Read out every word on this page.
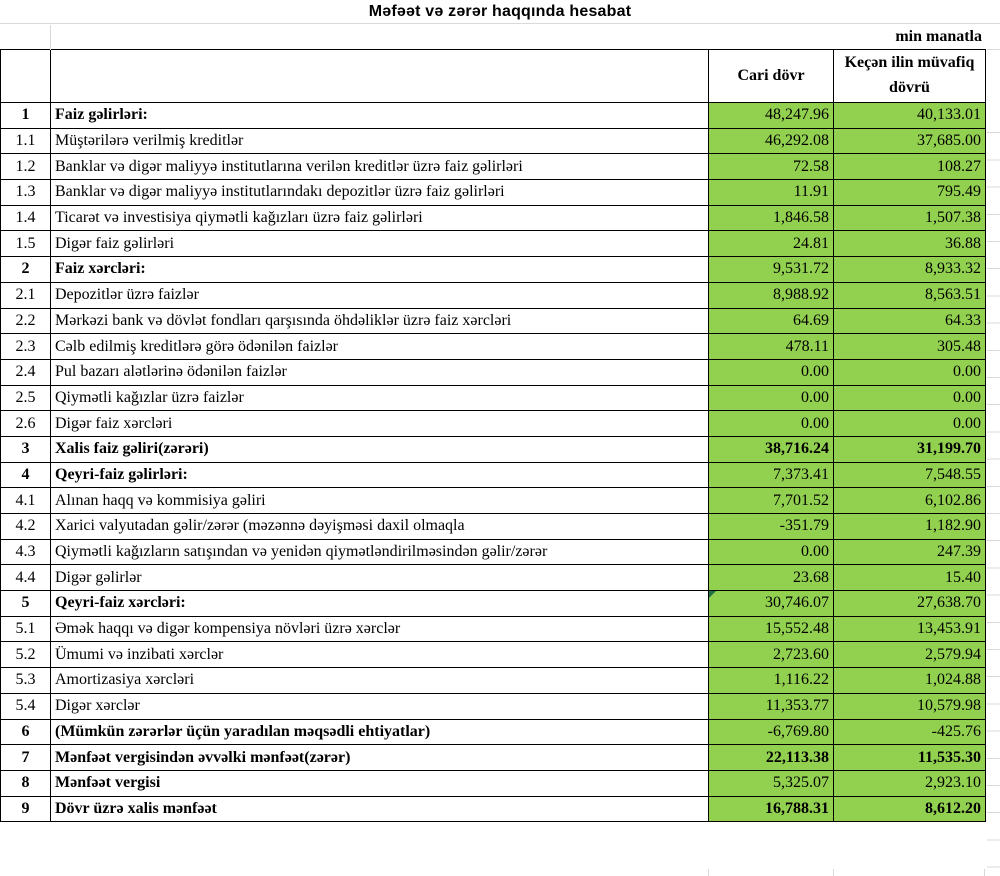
Məfəət və zərər haqqında hesabat
min manatla
		Cari dövr	Keçən ilin müvafiq dövrü
1	Faiz gəlirləri:	48,247.96	40,133.01
1.1	Müştərilərə verilmiş kreditlər	46,292.08	37,685.00
1.2	Banklar və digər maliyyə institutlarına verilən kreditlər üzrə faiz gəlirləri	72.58	108.27
1.3	Banklar və digər maliyyə institutlarındakı depozitlər üzrə faiz gəlirləri	11.91	795.49
1.4	Ticarət və investisiya qiymətli kağızları üzrə faiz gəlirləri	1,846.58	1,507.38
1.5	Digər faiz gəlirləri	24.81	36.88
2	Faiz xərcləri:	9,531.72	8,933.32
2.1	Depozitlər üzrə faizlər	8,988.92	8,563.51
2.2	Mərkəzi bank və dövlət fondları qarşısında öhdəliklər üzrə faiz xərcləri	64.69	64.33
2.3	Cəlb edilmiş kreditlərə görə ödənilən faizlər	478.11	305.48
2.4	Pul bazarı alətlərinə ödənilən faizlər	0.00	0.00
2.5	Qiymətli kağızlar üzrə faizlər	0.00	0.00
2.6	Digər faiz xərcləri	0.00	0.00
3	Xalis faiz gəliri(zərəri)	38,716.24	31,199.70
4	Qeyri-faiz gəlirləri:	7,373.41	7,548.55
4.1	Alınan haqq və kommisiya gəliri	7,701.52	6,102.86
4.2	Xarici valyutadan gəlir/zərər (məzənnə dəyişməsi daxil olmaqla	-351.79	1,182.90
4.3	Qiymətli kağızların satışından və yenidən qiymətləndirilməsindən gəlir/zərər	0.00	247.39
4.4	Digər gəlirlər	23.68	15.40
5	Qeyri-faiz xərcləri:	30,746.07	27,638.70
5.1	Əmək haqqı və digər kompensiya növləri üzrə xərclər	15,552.48	13,453.91
5.2	Ümumi və inzibati xərclər	2,723.60	2,579.94
5.3	Amortizasiya xərcləri	1,116.22	1,024.88
5.4	Digər xərclər	11,353.77	10,579.98
6	(Mümkün zərərlər üçün yaradılan məqsədli ehtiyatlar)	-6,769.80	-425.76
7	Mənfəət vergisindən əvvəlki mənfəət(zərər)	22,113.38	11,535.30
8	Mənfəət vergisi	5,325.07	2,923.10
9	Dövr üzrə xalis mənfəət	16,788.31	8,612.20
